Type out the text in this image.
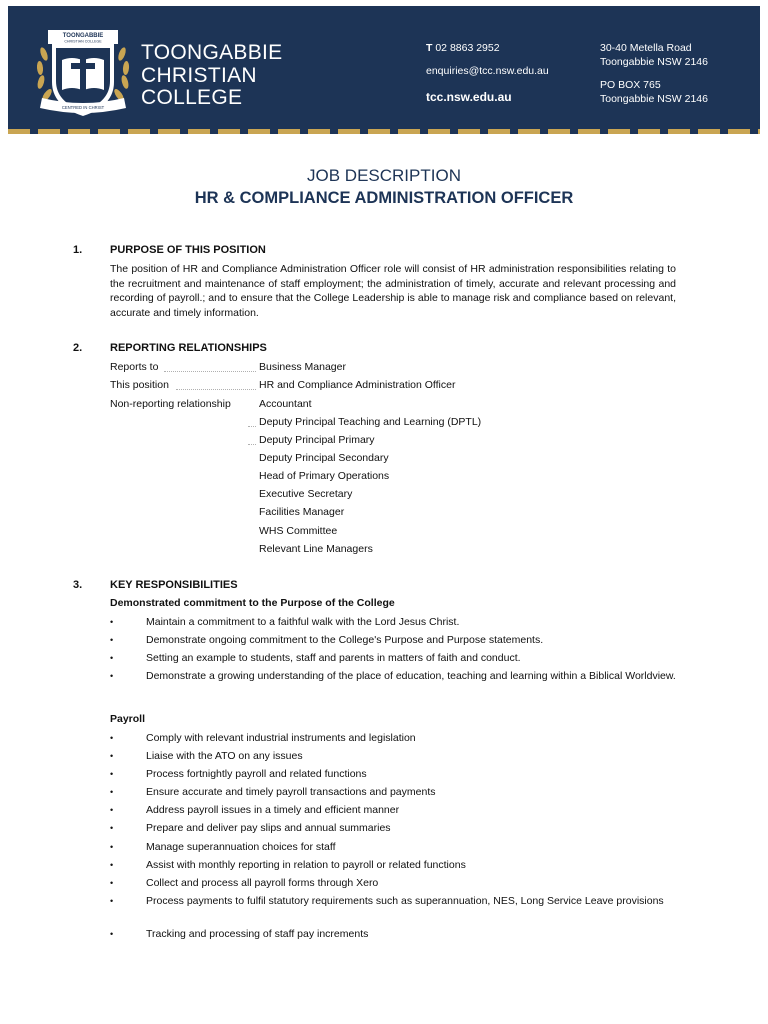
TOONGABBIE
CHRISTIAN COLLEGE
CENTRED IN CHRIST
TOONGABBIE
CHRISTIAN
COLLEGE
T 02 8863 2952
enquiries@tcc.nsw.edu.au
tcc.nsw.edu.au
30-40 Metella Road
Toongabbie NSW 2146
PO BOX 765
Toongabbie NSW 2146
JOB DESCRIPTION
HR & COMPLIANCE ADMINISTRATION OFFICER
1.	PURPOSE OF THIS POSITION
The position of HR and Compliance Administration Officer role will consist of HR administration responsibilities relating to the recruitment and maintenance of staff employment; the administration of timely, accurate and relevant processing and recording of payroll.; and to ensure that the College Leadership is able to manage risk and compliance based on relevant, accurate and timely information.
2.	REPORTING RELATIONSHIPS
Reports to	Business Manager
This position	HR and Compliance Administration Officer
Non-reporting relationship	Accountant
Deputy Principal Teaching and Learning (DPTL)
Deputy Principal Primary
Deputy Principal Secondary
Head of Primary Operations
Executive Secretary
Facilities Manager
WHS Committee
Relevant Line Managers
3.	KEY RESPONSIBILITIES
Demonstrated commitment to the Purpose of the College
•	Maintain a commitment to a faithful walk with the Lord Jesus Christ.
•	Demonstrate ongoing commitment to the College's Purpose and Purpose statements.
•	Setting an example to students, staff and parents in matters of faith and conduct.
•	Demonstrate a growing understanding of the place of education, teaching and learning within a Biblical Worldview.
Payroll
•	Comply with relevant industrial instruments and legislation
•	Liaise with the ATO on any issues
•	Process fortnightly payroll and related functions
•	Ensure accurate and timely payroll transactions and payments
•	Address payroll issues in a timely and efficient manner
•	Prepare and deliver pay slips and annual summaries
•	Manage superannuation choices for staff
•	Assist with monthly reporting in relation to payroll or related functions
•	Collect and process all payroll forms through Xero
•	Process payments to fulfil statutory requirements such as superannuation, NES, Long Service Leave provisions
•	Tracking and processing of staff pay increments
